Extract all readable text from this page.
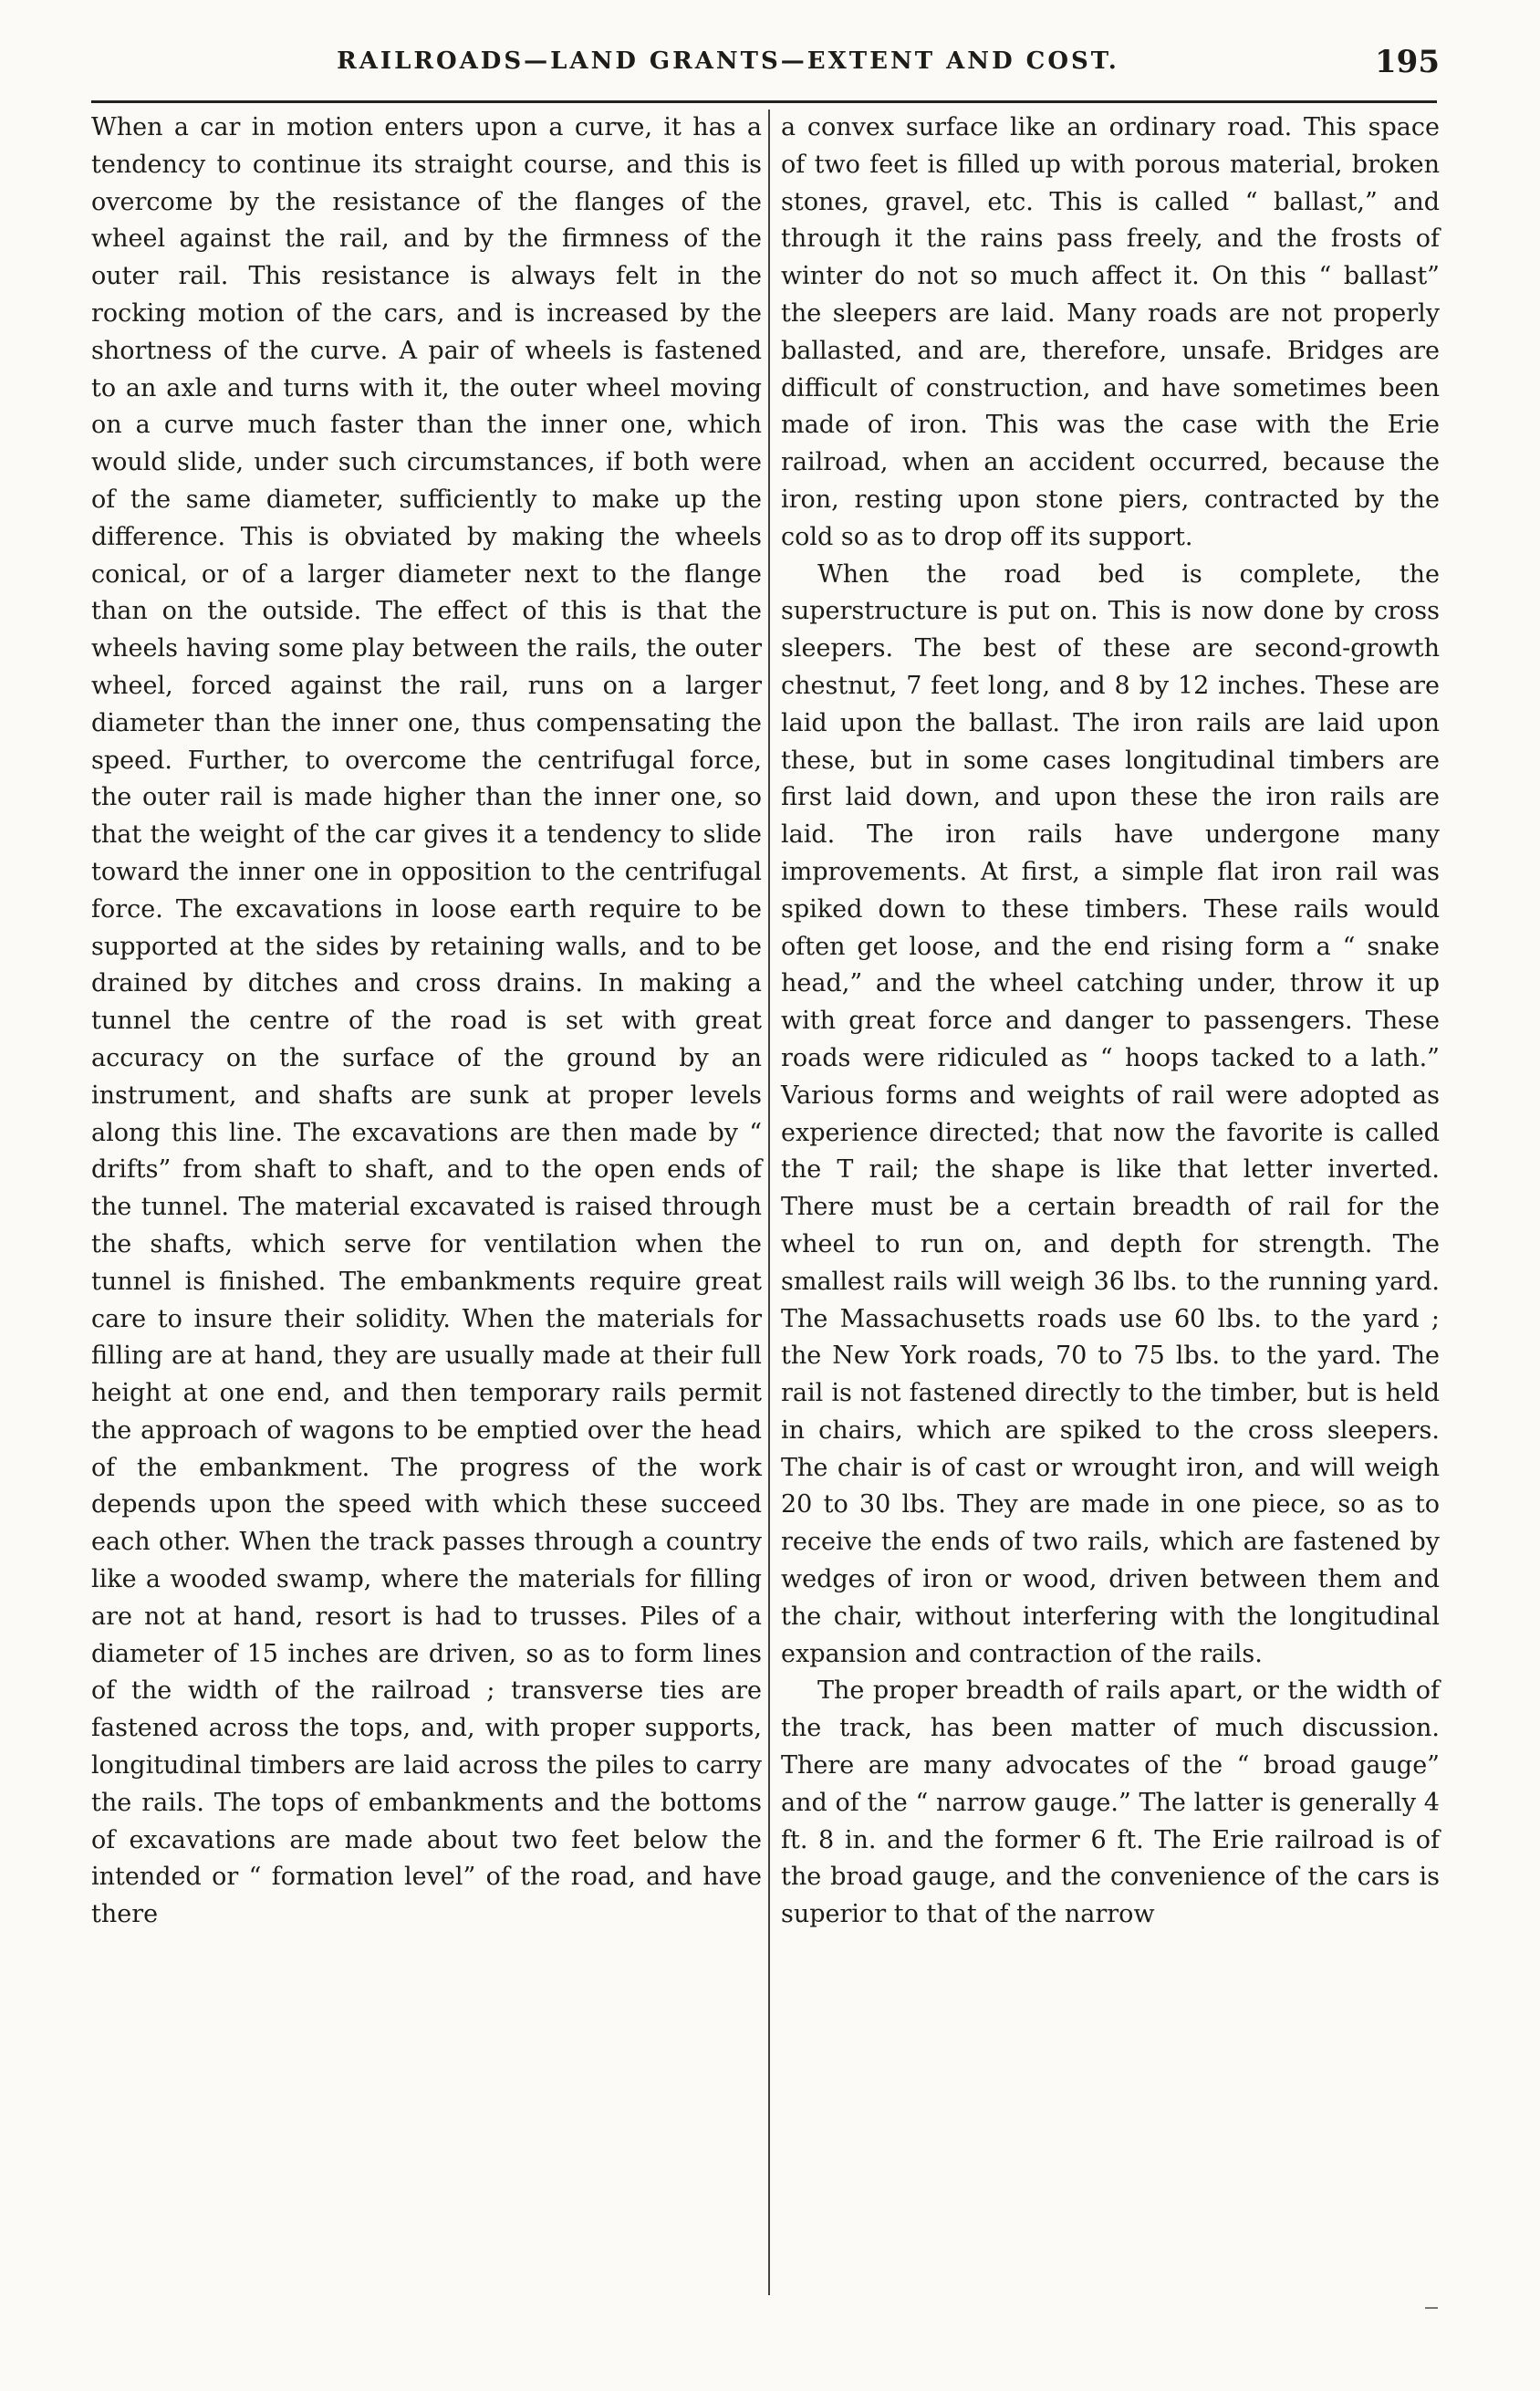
RAILROADS—LAND GRANTS—EXTENT AND COST.	195

When a car in motion enters upon a curve, it has a tendency to continue its straight course, and this is overcome by the resistance of the flanges of the wheel against the rail, and by the firmness of the outer rail. This resistance is always felt in the rocking motion of the cars, and is increased by the shortness of the curve. A pair of wheels is fastened to an axle and turns with it, the outer wheel moving on a curve much faster than the inner one, which would slide, under such circumstances, if both were of the same diameter, sufficiently to make up the difference. This is obviated by making the wheels conical, or of a larger diameter next to the flange than on the outside. The effect of this is that the wheels having some play between the rails, the outer wheel, forced against the rail, runs on a larger diameter than the inner one, thus compensating the speed. Further, to overcome the centrifugal force, the outer rail is made higher than the inner one, so that the weight of the car gives it a tendency to slide toward the inner one in opposition to the centrifugal force. The excavations in loose earth require to be supported at the sides by retaining walls, and to be drained by ditches and cross drains. In making a tunnel the centre of the road is set with great accuracy on the surface of the ground by an instrument, and shafts are sunk at proper levels along this line. The excavations are then made by “ drifts” from shaft to shaft, and to the open ends of the tunnel. The material excavated is raised through the shafts, which serve for ventilation when the tunnel is finished. The embankments require great care to insure their solidity. When the materials for filling are at hand, they are usually made at their full height at one end, and then temporary rails permit the approach of wagons to be emptied over the head of the embankment. The progress of the work depends upon the speed with which these succeed each other. When the track passes through a country like a wooded swamp, where the materials for filling are not at hand, resort is had to trusses. Piles of a diameter of 15 inches are driven, so as to form lines of the width of the railroad ; transverse ties are fastened across the tops, and, with proper supports, longitudinal timbers are laid across the piles to carry the rails. The tops of embankments and the bottoms of excavations are made about two feet below the intended or “ formation level” of the road, and have there

a convex surface like an ordinary road. This space of two feet is filled up with porous material, broken stones, gravel, etc. This is called “ ballast,” and through it the rains pass freely, and the frosts of winter do not so much affect it. On this “ ballast” the sleepers are laid. Many roads are not properly ballasted, and are, therefore, unsafe. Bridges are difficult of construction, and have sometimes been made of iron. This was the case with the Erie railroad, when an accident occurred, because the iron, resting upon stone piers, contracted by the cold so as to drop off its support.

When the road bed is complete, the superstructure is put on. This is now done by cross sleepers. The best of these are second-growth chestnut, 7 feet long, and 8 by 12 inches. These are laid upon the ballast. The iron rails are laid upon these, but in some cases longitudinal timbers are first laid down, and upon these the iron rails are laid. The iron rails have undergone many improvements. At first, a simple flat iron rail was spiked down to these timbers. These rails would often get loose, and the end rising form a “ snake head,” and the wheel catching under, throw it up with great force and danger to passengers. These roads were ridiculed as “ hoops tacked to a lath.” Various forms and weights of rail were adopted as experience directed; that now the favorite is called the T rail; the shape is like that letter inverted. There must be a certain breadth of rail for the wheel to run on, and depth for strength. The smallest rails will weigh 36 lbs. to the running yard. The Massachusetts roads use 60 lbs. to the yard ; the New York roads, 70 to 75 lbs. to the yard. The rail is not fastened directly to the timber, but is held in chairs, which are spiked to the cross sleepers. The chair is of cast or wrought iron, and will weigh 20 to 30 lbs. They are made in one piece, so as to receive the ends of two rails, which are fastened by wedges of iron or wood, driven between them and the chair, without interfering with the longitudinal expansion and contraction of the rails.

The proper breadth of rails apart, or the width of the track, has been matter of much discussion. There are many advocates of the “ broad gauge” and of the “ narrow gauge.” The latter is generally 4 ft. 8 in. and the former 6 ft. The Erie railroad is of the broad gauge, and the convenience of the cars is superior to that of the narrow
